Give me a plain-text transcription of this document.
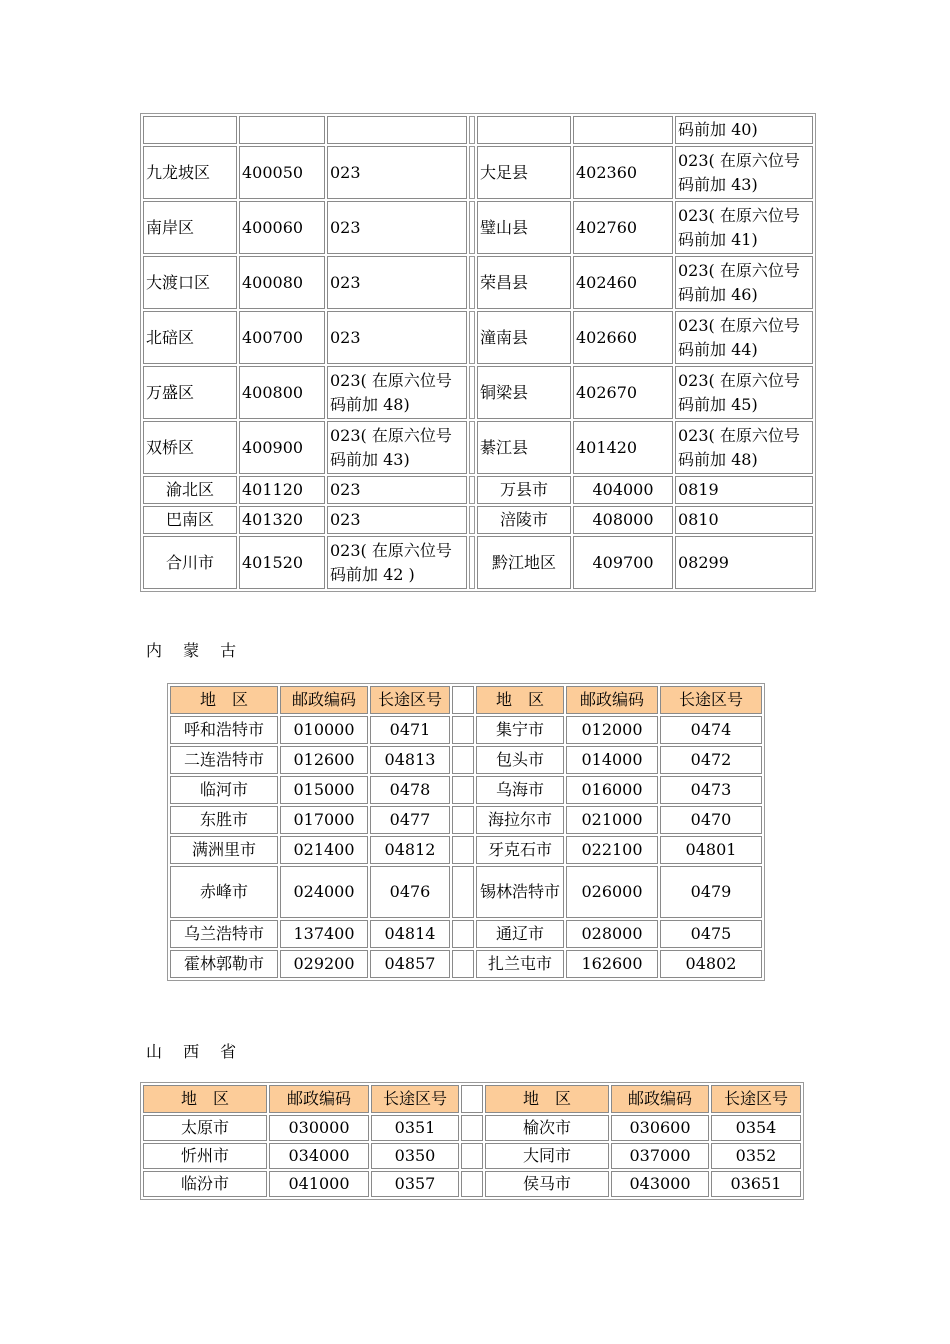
						码前加 40)
九龙坡区	400050	023		大足县	402360	023( 在原六位号码前加 43)
南岸区	400060	023		璧山县	402760	023( 在原六位号码前加 41)
大渡口区	400080	023		荣昌县	402460	023( 在原六位号码前加 46)
北碚区	400700	023		潼南县	402660	023( 在原六位号码前加 44)
万盛区	400800	023( 在原六位号码前加 48)		铜梁县	402670	023( 在原六位号码前加 45)
双桥区	400900	023( 在原六位号码前加 43)		綦江县	401420	023( 在原六位号码前加 48)
渝北区	401120	023		万县市	404000	0819
巴南区	401320	023		涪陵市	408000	0810
合川市	401520	023( 在原六位号码前加 42 )		黔江地区	409700	08299
内 蒙 古
地　区	邮政编码	长途区号		地　区	邮政编码	长途区号
呼和浩特市	010000	0471		集宁市	012000	0474
二连浩特市	012600	04813		包头市	014000	0472
临河市	015000	0478		乌海市	016000	0473
东胜市	017000	0477		海拉尔市	021000	0470
满洲里市	021400	04812		牙克石市	022100	04801
赤峰市	024000	0476		锡林浩特市	026000	0479
乌兰浩特市	137400	04814		通辽市	028000	0475
霍林郭勒市	029200	04857		扎兰屯市	162600	04802
山 西 省
地　区	邮政编码	长途区号		地　区	邮政编码	长途区号
太原市	030000	0351		榆次市	030600	0354
忻州市	034000	0350		大同市	037000	0352
临汾市	041000	0357		侯马市	043000	03651
